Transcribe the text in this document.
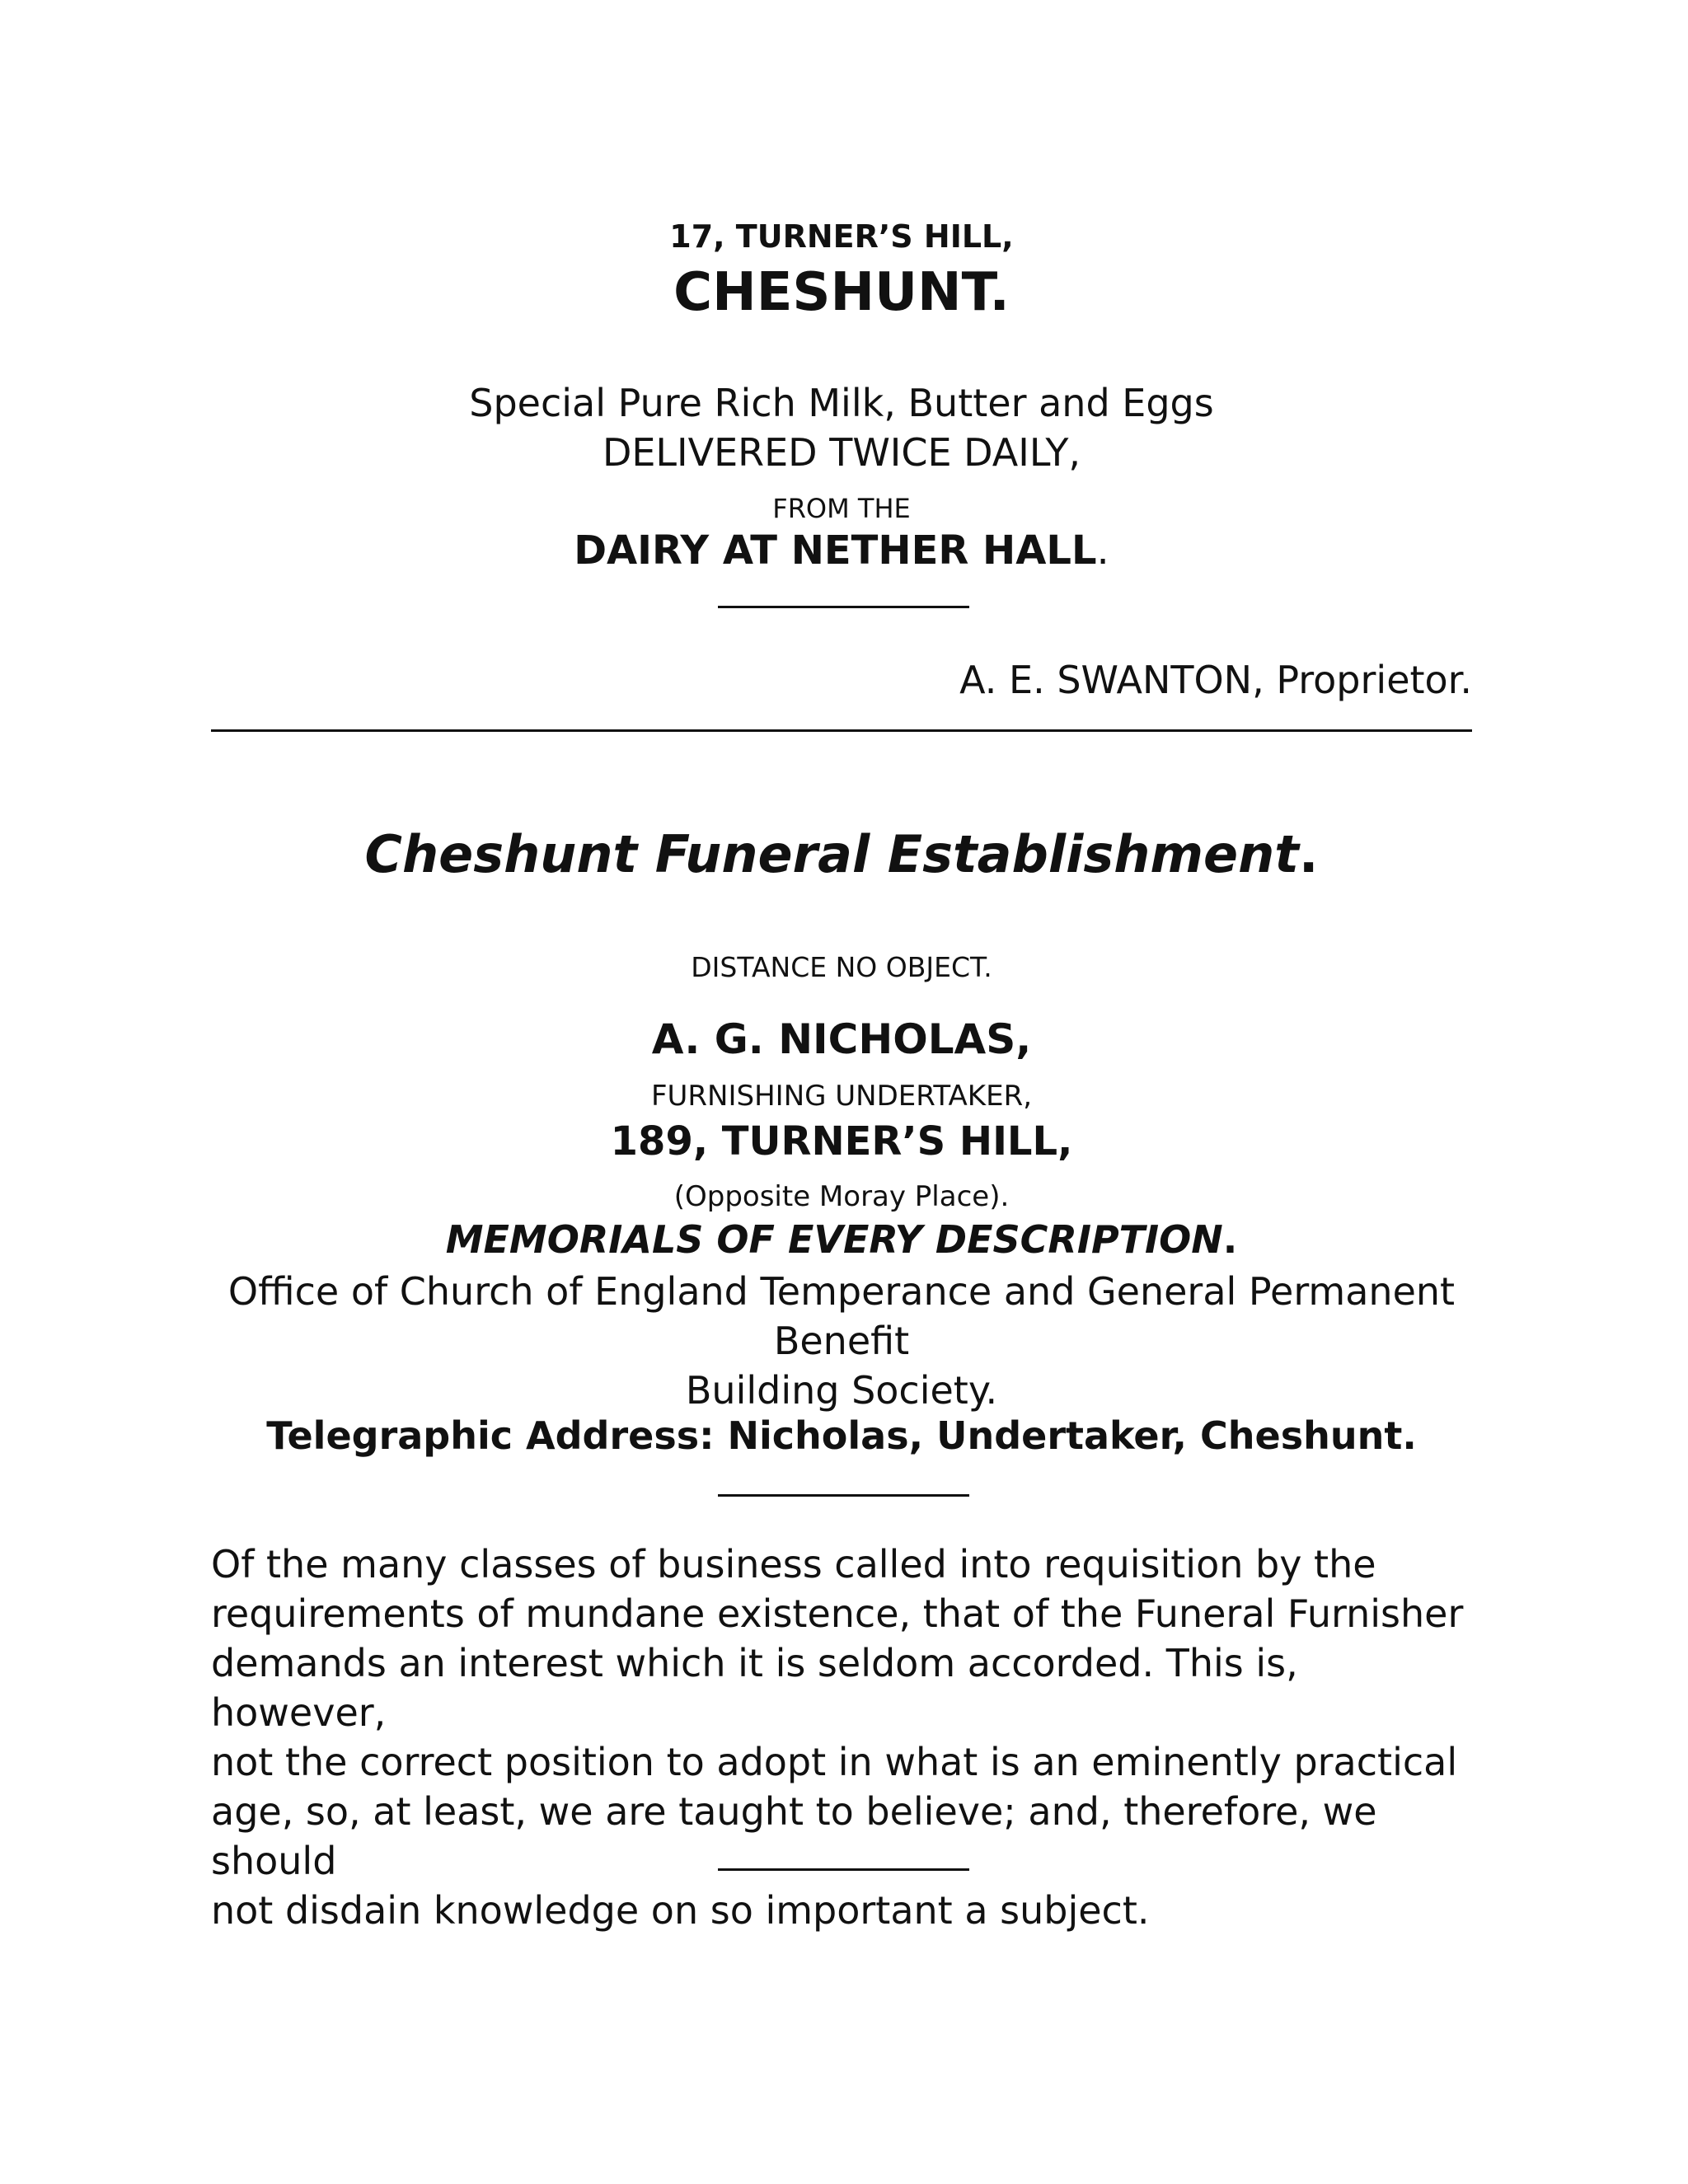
17, TURNER’S HILL,

CHESHUNT.

Special Pure Rich Milk, Butter and Eggs

DELIVERED TWICE DAILY,

FROM THE

DAIRY AT NETHER HALL.

A. E. SWANTON, Proprietor.

Cheshunt Funeral Establishment.

DISTANCE NO OBJECT.

A. G. NICHOLAS,

FURNISHING UNDERTAKER,

189, TURNER’S HILL,

(Opposite Moray Place).

MEMORIALS OF EVERY DESCRIPTION.

Office of Church of England Temperance and General Permanent
Benefit
Building Society.

Telegraphic Address: Nicholas, Undertaker, Cheshunt.

Of the many classes of business called into requisition by the
requirements of mundane existence, that of the Funeral Furnisher
demands an interest which it is seldom accorded. This is, however,
not the correct position to adopt in what is an eminently practical
age, so, at least, we are taught to believe; and, therefore, we should
not disdain knowledge on so important a subject.
